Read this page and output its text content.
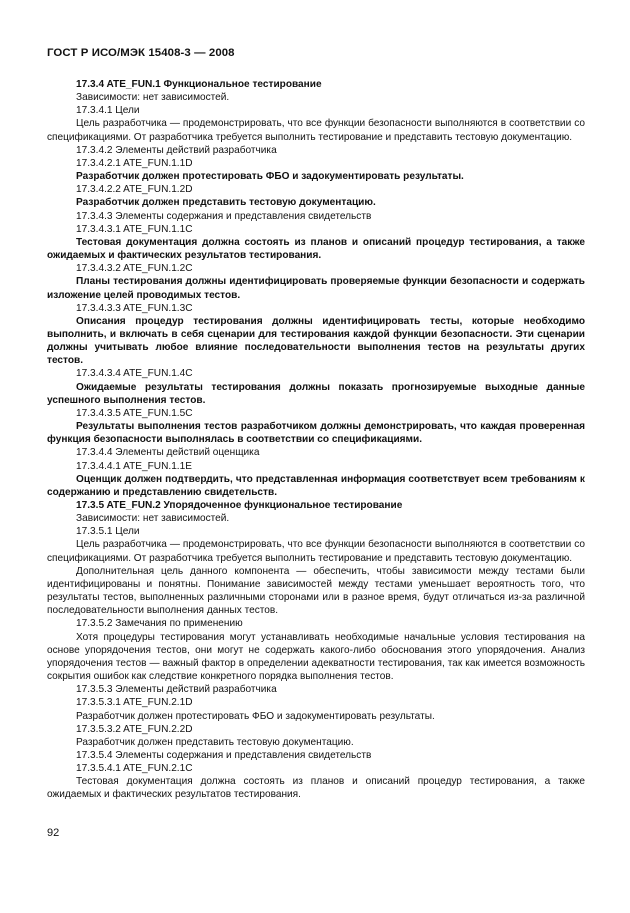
ГОСТ Р ИСО/МЭК 15408-3 — 2008

17.3.4 ATE_FUN.1 Функциональное тестирование

Зависимости: нет зависимостей.

17.3.4.1 Цели

Цель разработчика — продемонстрировать, что все функции безопасности выполняются в соответствии со спецификациями. От разработчика требуется выполнить тестирование и представить тестовую документацию.

17.3.4.2 Элементы действий разработчика

17.3.4.2.1 ATE_FUN.1.1D

Разработчик должен протестировать ФБО и задокументировать результаты.

17.3.4.2.2 ATE_FUN.1.2D

Разработчик должен представить тестовую документацию.

17.3.4.3 Элементы содержания и представления свидетельств

17.3.4.3.1 ATE_FUN.1.1C

Тестовая документация должна состоять из планов и описаний процедур тестирования, а также ожидаемых и фактических результатов тестирования.

17.3.4.3.2 ATE_FUN.1.2C

Планы тестирования должны идентифицировать проверяемые функции безопасности и содержать изложение целей проводимых тестов.

17.3.4.3.3 ATE_FUN.1.3C

Описания процедур тестирования должны идентифицировать тесты, которые необходимо выполнить, и включать в себя сценарии для тестирования каждой функции безопасности. Эти сценарии должны учитывать любое влияние последовательности выполнения тестов на результаты других тестов.

17.3.4.3.4 ATE_FUN.1.4C

Ожидаемые результаты тестирования должны показать прогнозируемые выходные данные успешного выполнения тестов.

17.3.4.3.5 ATE_FUN.1.5C

Результаты выполнения тестов разработчиком должны демонстрировать, что каждая проверенная функция безопасности выполнялась в соответствии со спецификациями.

17.3.4.4 Элементы действий оценщика

17.3.4.4.1 ATE_FUN.1.1E

Оценщик должен подтвердить, что представленная информация соответствует всем требованиям к содержанию и представлению свидетельств.

17.3.5 ATE_FUN.2 Упорядоченное функциональное тестирование

Зависимости: нет зависимостей.

17.3.5.1 Цели

Цель разработчика — продемонстрировать, что все функции безопасности выполняются в соответствии со спецификациями. От разработчика требуется выполнить тестирование и представить тестовую документацию.

Дополнительная цель данного компонента — обеспечить, чтобы зависимости между тестами были идентифицированы и понятны. Понимание зависимостей между тестами уменьшает вероятность того, что результаты тестов, выполненных различными сторонами или в разное время, будут отличаться из-за различной последовательности выполнения данных тестов.

17.3.5.2 Замечания по применению

Хотя процедуры тестирования могут устанавливать необходимые начальные условия тестирования на основе упорядочения тестов, они могут не содержать какого-либо обоснования этого упорядочения. Анализ упорядочения тестов — важный фактор в определении адекватности тестирования, так как имеется возможность сокрытия ошибок как следствие конкретного порядка выполнения тестов.

17.3.5.3 Элементы действий разработчика

17.3.5.3.1 ATE_FUN.2.1D

Разработчик должен протестировать ФБО и задокументировать результаты.

17.3.5.3.2 ATE_FUN.2.2D

Разработчик должен представить тестовую документацию.

17.3.5.4 Элементы содержания и представления свидетельств

17.3.5.4.1 ATE_FUN.2.1C

Тестовая документация должна состоять из планов и описаний процедур тестирования, а также ожидаемых и фактических результатов тестирования.

92
